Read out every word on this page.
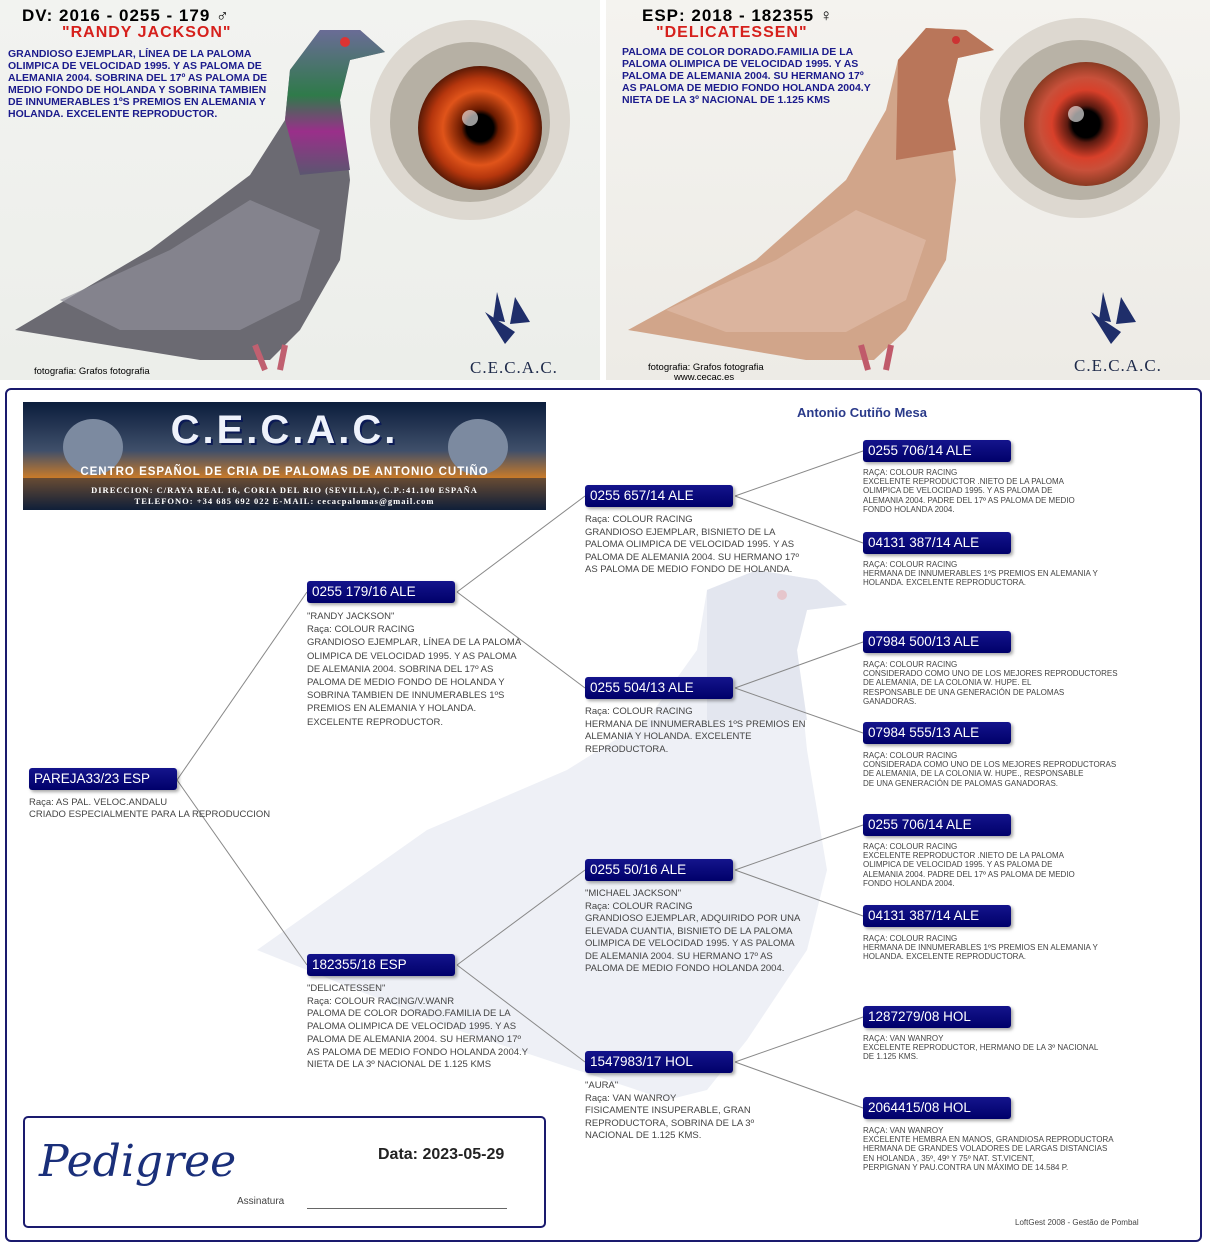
DV: 2016 - 0255 - 179 ♂
"RANDY JACKSON"
GRANDIOSO EJEMPLAR, LÍNEA DE LA PALOMA OLIMPICA DE VELOCIDAD 1995. Y AS PALOMA DE ALEMANIA 2004. SOBRINA DEL 17º AS PALOMA DE MEDIO FONDO DE HOLANDA Y SOBRINA TAMBIEN DE INNUMERABLES 1ºS PREMIOS EN ALEMANIA Y HOLANDA. EXCELENTE REPRODUCTOR.
fotografia: Grafos fotografia	C.E.C.A.C.
ESP: 2018 - 182355 ♀
"DELICATESSEN"
PALOMA DE COLOR DORADO.FAMILIA DE LA PALOMA OLIMPICA DE VELOCIDAD 1995. Y AS PALOMA DE ALEMANIA 2004. SU HERMANO 17º AS PALOMA DE MEDIO FONDO HOLANDA 2004.Y NIETA DE LA 3º NACIONAL DE 1.125 KMS
fotografia: Grafos fotografia
www.cecac.es
C.E.C.A.C.
C.E.C.A.C.
CENTRO ESPAÑOL DE CRIA DE PALOMAS DE ANTONIO CUTIÑO
DIRECCION: C/RAYA REAL 16, CORIA DEL RIO (SEVILLA), C.P.:41.100 ESPAÑA
TELEFONO: +34 685 692 022 E-MAIL: cecacpalomas@gmail.com
Antonio Cutiño Mesa
PAREJA33/23 ESP
Raça: AS PAL. VELOC.ANDALU
CRIADO ESPECIALMENTE PARA LA REPRODUCCION
0255 179/16 ALE
"RANDY JACKSON"
Raça: COLOUR RACING
GRANDIOSO EJEMPLAR, LÍNEA DE LA PALOMA
OLIMPICA DE VELOCIDAD 1995. Y AS PALOMA
DE ALEMANIA 2004. SOBRINA DEL 17º AS
PALOMA DE MEDIO FONDO DE HOLANDA Y
SOBRINA TAMBIEN DE INNUMERABLES 1ºS
PREMIOS EN ALEMANIA Y HOLANDA.
EXCELENTE REPRODUCTOR.
182355/18 ESP
"DELICATESSEN"
Raça: COLOUR RACING/V.WANR
PALOMA DE COLOR DORADO.FAMILIA DE LA
PALOMA OLIMPICA DE VELOCIDAD 1995. Y AS
PALOMA DE ALEMANIA 2004. SU HERMANO 17º
AS PALOMA DE MEDIO FONDO HOLANDA 2004.Y
NIETA DE LA 3º NACIONAL DE 1.125 KMS
0255 657/14 ALE
Raça: COLOUR RACING
GRANDIOSO EJEMPLAR, BISNIETO DE LA
PALOMA OLIMPICA DE VELOCIDAD 1995. Y AS
PALOMA DE ALEMANIA 2004. SU HERMANO 17º
AS PALOMA DE MEDIO FONDO DE HOLANDA.
0255 504/13 ALE
Raça: COLOUR RACING
HERMANA DE INNUMERABLES 1ºS PREMIOS EN
ALEMANIA Y HOLANDA. EXCELENTE
REPRODUCTORA.
0255 50/16 ALE
"MICHAEL JACKSON"
Raça: COLOUR RACING
GRANDIOSO EJEMPLAR, ADQUIRIDO POR UNA
ELEVADA CUANTIA, BISNIETO DE LA PALOMA
OLIMPICA DE VELOCIDAD 1995. Y AS PALOMA
DE ALEMANIA 2004. SU HERMANO 17º AS
PALOMA DE MEDIO FONDO HOLANDA 2004.
1547983/17 HOL
"AURA"
Raça: VAN WANROY
FISICAMENTE INSUPERABLE, GRAN
REPRODUCTORA, SOBRINA DE LA 3º
NACIONAL DE 1.125 KMS.
0255 706/14 ALE
RAÇA: COLOUR RACING
EXCELENTE REPRODUCTOR .NIETO DE LA PALOMA
OLIMPICA DE VELOCIDAD 1995. Y AS PALOMA DE
ALEMANIA 2004. PADRE DEL 17º AS PALOMA DE MEDIO
FONDO HOLANDA 2004.
04131 387/14 ALE
RAÇA: COLOUR RACING
HERMANA DE INNUMERABLES 1ºS PREMIOS EN ALEMANIA Y
HOLANDA. EXCELENTE REPRODUCTORA.
07984 500/13 ALE
RAÇA: COLOUR RACING
CONSIDERADO COMO UNO DE LOS MEJORES REPRODUCTORES
DE ALEMANIA, DE LA COLONIA W. HUPE. EL
RESPONSABLE DE UNA GENERACIÓN DE PALOMAS
GANADORAS.
07984 555/13 ALE
RAÇA: COLOUR RACING
CONSIDERADA COMO UNO DE LOS MEJORES REPRODUCTORAS
DE ALEMANIA, DE LA COLONIA W. HUPE., RESPONSABLE
DE UNA GENERACIÓN DE PALOMAS GANADORAS.
0255 706/14 ALE
RAÇA: COLOUR RACING
EXCELENTE REPRODUCTOR .NIETO DE LA PALOMA
OLIMPICA DE VELOCIDAD 1995. Y AS PALOMA DE
ALEMANIA 2004. PADRE DEL 17º AS PALOMA DE MEDIO
FONDO HOLANDA 2004.
04131 387/14 ALE
RAÇA: COLOUR RACING
HERMANA DE INNUMERABLES 1ºS PREMIOS EN ALEMANIA Y
HOLANDA. EXCELENTE REPRODUCTORA.
1287279/08 HOL
RAÇA: VAN WANROY
EXCELENTE REPRODUCTOR, HERMANO DE LA 3º NACIONAL
DE 1.125 KMS.
2064415/08 HOL
RAÇA: VAN WANROY
EXCELENTE HEMBRA EN MANOS, GRANDIOSA REPRODUCTORA
HERMANA DE GRANDES VOLADORES DE LARGAS DISTANCIAS
EN HOLANDA , 35º, 49º Y 75º NAT. ST.VICENT,
PERPIGNAN Y PAU.CONTRA UN MÁXIMO DE 14.584 P.
Pedigree	Data: 2023-05-29
Assinatura
LoftGest 2008 - Gestão de Pombal
